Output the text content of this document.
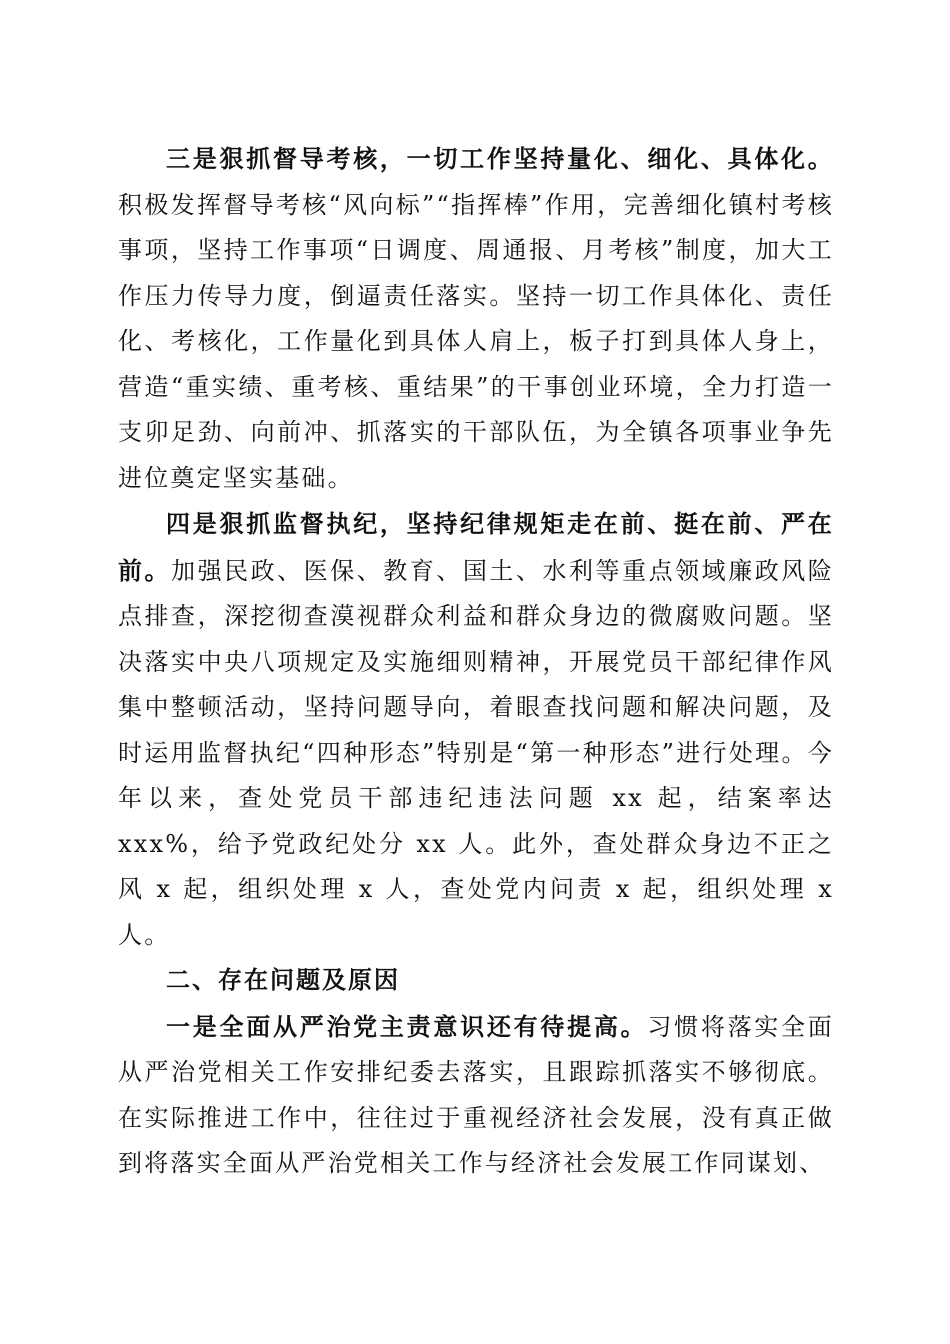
三是狠抓督导考核，一切工作坚持量化、细化、具体化。积极发挥督导考核“风向标”“指挥棒”作用，完善细化镇村考核事项，坚持工作事项“日调度、周通报、月考核”制度，加大工作压力传导力度，倒逼责任落实。坚持一切工作具体化、责任化、考核化，工作量化到具体人肩上，板子打到具体人身上，营造“重实绩、重考核、重结果”的干事创业环境，全力打造一支卯足劲、向前冲、抓落实的干部队伍，为全镇各项事业争先进位奠定坚实基础。

四是狠抓监督执纪，坚持纪律规矩走在前、挺在前、严在前。加强民政、医保、教育、国土、水利等重点领域廉政风险点排查，深挖彻查漠视群众利益和群众身边的微腐败问题。坚决落实中央八项规定及实施细则精神，开展党员干部纪律作风集中整顿活动，坚持问题导向，着眼查找问题和解决问题，及时运用监督执纪“四种形态”特别是“第一种形态”进行处理。今年以来，查处党员干部违纪违法问题 xx 起，结案率达 xxx%，给予党政纪处分 xx 人。此外，查处群众身边不正之风 x 起，组织处理 x 人，查处党内问责 x 起，组织处理 x 人。

二、存在问题及原因

一是全面从严治党主责意识还有待提高。习惯将落实全面从严治党相关工作安排纪委去落实，且跟踪抓落实不够彻底。在实际推进工作中，往往过于重视经济社会发展，没有真正做到将落实全面从严治党相关工作与经济社会发展工作同谋划、
